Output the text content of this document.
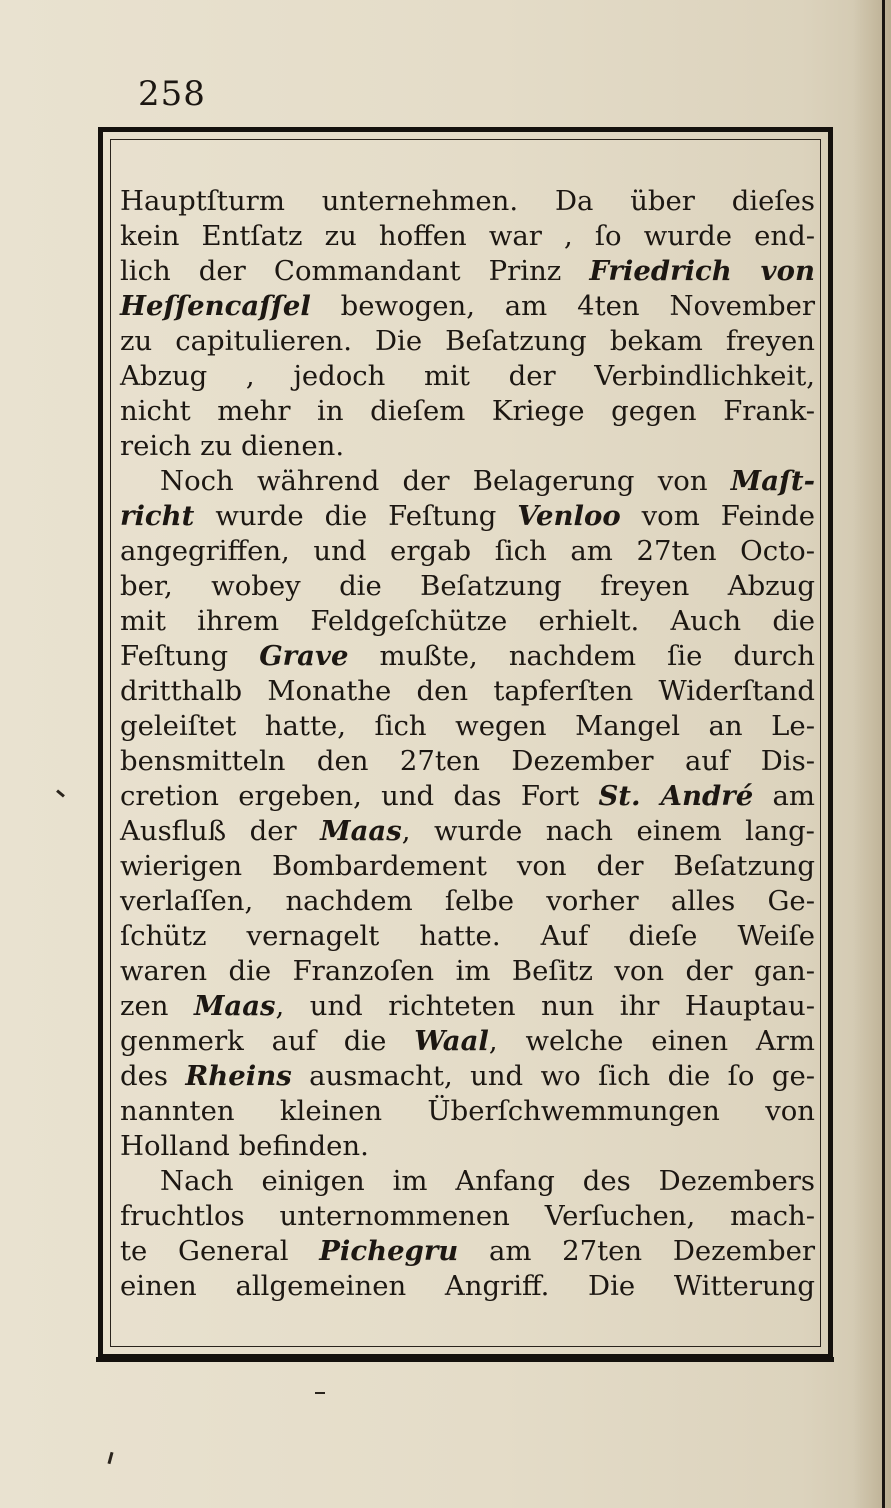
258
Hauptſturm unternehmen. Da über dieſes
kein Entſatz zu hoffen war , ſo wurde end-
lich der Commandant Prinz Friedrich von
Heſſencaſſel bewogen, am 4ten November
zu capitulieren. Die Beſatzung bekam freyen
Abzug , jedoch mit der Verbindlichkeit,
nicht mehr in dieſem Kriege gegen Frank-
reich zu dienen.
Noch während der Belagerung von Maſt-
richt wurde die Feſtung Venloo vom Feinde
angegriffen, und ergab ſich am 27ten Octo-
ber, wobey die Beſatzung freyen Abzug
mit ihrem Feldgeſchütze erhielt. Auch die
Feſtung Grave mußte, nachdem ſie durch
dritthalb Monathe den tapferſten Widerſtand
geleiſtet hatte, ſich wegen Mangel an Le-
bensmitteln den 27ten Dezember auf Dis-
cretion ergeben, und das Fort St. André am
Ausfluß der Maas, wurde nach einem lang-
wierigen Bombardement von der Beſatzung
verlaſſen, nachdem ſelbe vorher alles Ge-
ſchütz vernagelt hatte. Auf dieſe Weiſe
waren die Franzoſen im Beſitz von der gan-
zen Maas, und richteten nun ihr Hauptau-
genmerk auf die Waal, welche einen Arm
des Rheins ausmacht, und wo ſich die ſo ge-
nannten kleinen Überſchwemmungen von
Holland befinden.
Nach einigen im Anfang des Dezembers
fruchtlos unternommenen Verſuchen, mach-
te General Pichegru am 27ten Dezember
einen allgemeinen Angriff. Die Witterung
